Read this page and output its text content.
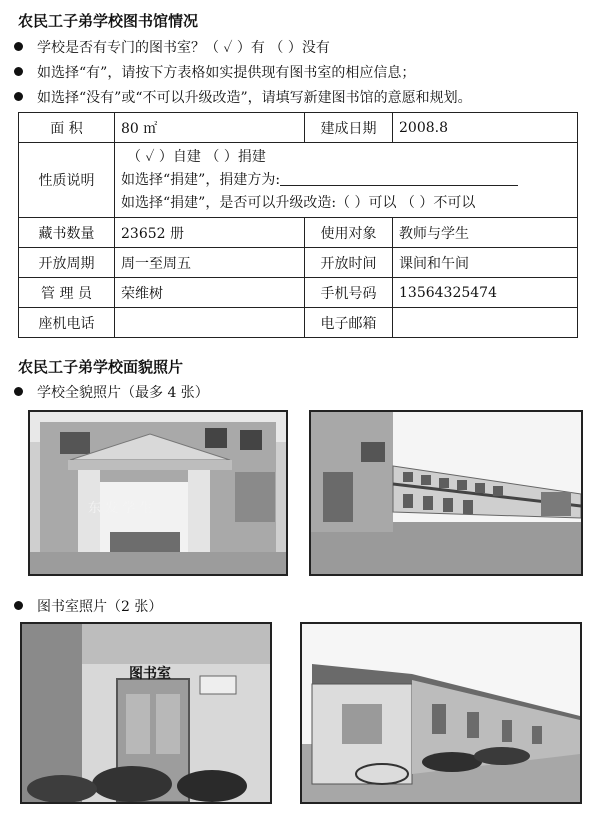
农民工子弟学校图书馆情况
学校是否有专门的图书室？（ ✓ ）有 （ ）没有
如选择“有”，请按下方表格如实提供现有图书室的相应信息；
如选择“没有”或“不可以升级改造”，请填写新建图书馆的意愿和规划。
面 积	80 ㎡	建成日期	2008.8
性质说明	（ ✓ ）自建 （ ）捐建
如选择“捐建”，捐建方为:
如选择“捐建”，是否可以升级改造:（ ）可以 （ ）不可以		

藏书数量	23652 册	使用对象	教师与学生
开放周期	周一至周五	开放时间	课间和午间
管 理 员	荣维树	手机号码	13564325474
座机电话		电子邮箱	
农民工子弟学校面貌照片
学校全貌照片（最多 4 张）
东 发 学 生
图书室照片（2 张）
图书室
